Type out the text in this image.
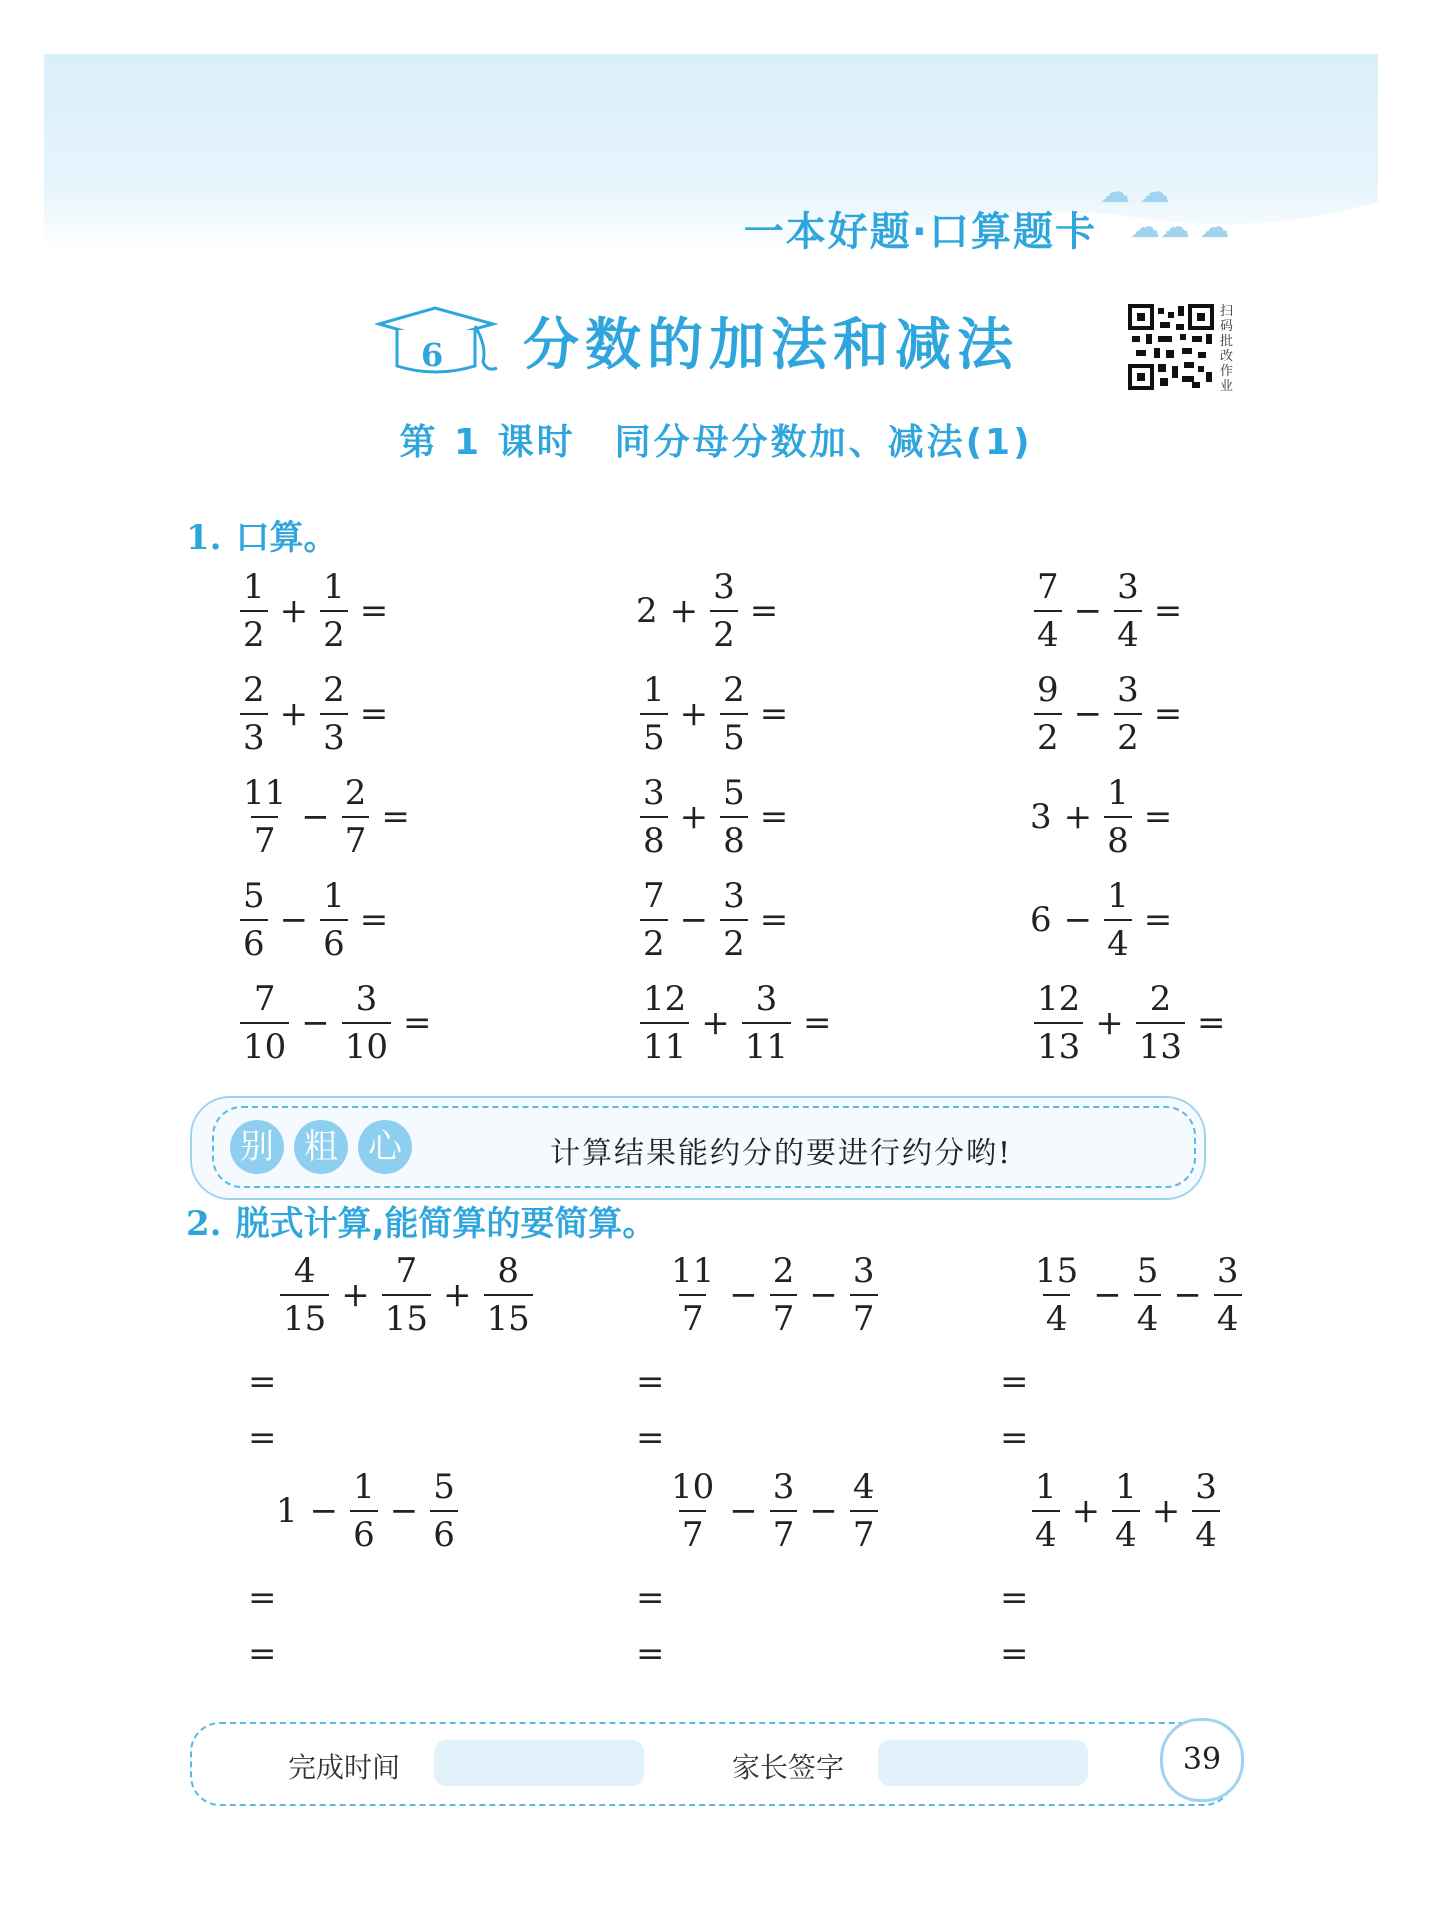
一本好题·口算题卡
☁ ☁
☁☁ ☁
6 分数的加法和减法
扫码批改作业
第 1 课时　同分母分数加、减法(1)
1. 口算。
$\frac{1}{2} + \frac{1}{2}$ =	$2 + \frac{3}{2}$ =	$\frac{7}{4} - \frac{3}{4}$ =
$\frac{2}{3} + \frac{2}{3}$ =	$\frac{1}{5} + \frac{2}{5}$ =	$\frac{9}{2} - \frac{3}{2}$ =
$\frac{11}{7} - \frac{2}{7}$ =	$\frac{3}{8} + \frac{5}{8}$ =	$3 + \frac{1}{8}$ =
$\frac{5}{6} - \frac{1}{6}$ =	$\frac{7}{2} - \frac{3}{2}$ =	$6 - \frac{1}{4}$ =
$\frac{7}{10} - \frac{3}{10}$ =	$\frac{12}{11} + \frac{3}{11}$ =	$\frac{12}{13} + \frac{2}{13}$ =
别 粗 心	计算结果能约分的要进行约分哟!
2. 脱式计算,能简算的要简算。
$\frac{4}{15} + \frac{7}{15} + \frac{8}{15}$
=
=
$\frac{11}{7} - \frac{2}{7} - \frac{3}{7}$
=
=
$\frac{15}{4} - \frac{5}{4} - \frac{3}{4}$
=
=
$1 - \frac{1}{6} - \frac{5}{6}$
=
=
$\frac{10}{7} - \frac{3}{7} - \frac{4}{7}$
=
=
$\frac{1}{4} + \frac{1}{4} + \frac{3}{4}$
=
=
完成时间	家长签字	39
